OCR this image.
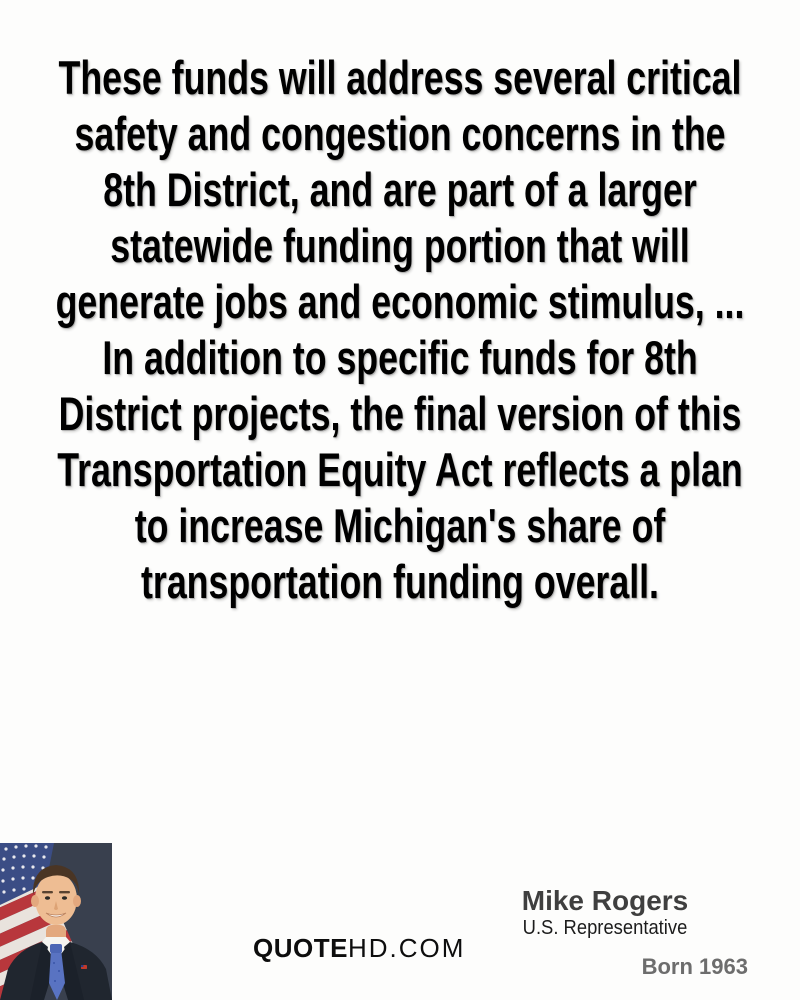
These funds will address several critical
safety and congestion concerns in the
8th District, and are part of a larger
statewide funding portion that will
generate jobs and economic stimulus, ...
In addition to specific funds for 8th
District projects, the final version of this
Transportation Equity Act reflects a plan
to increase Michigan's share of
transportation funding overall.
QUOTEHD.COM
Mike Rogers
U.S. Representative
Born 1963
